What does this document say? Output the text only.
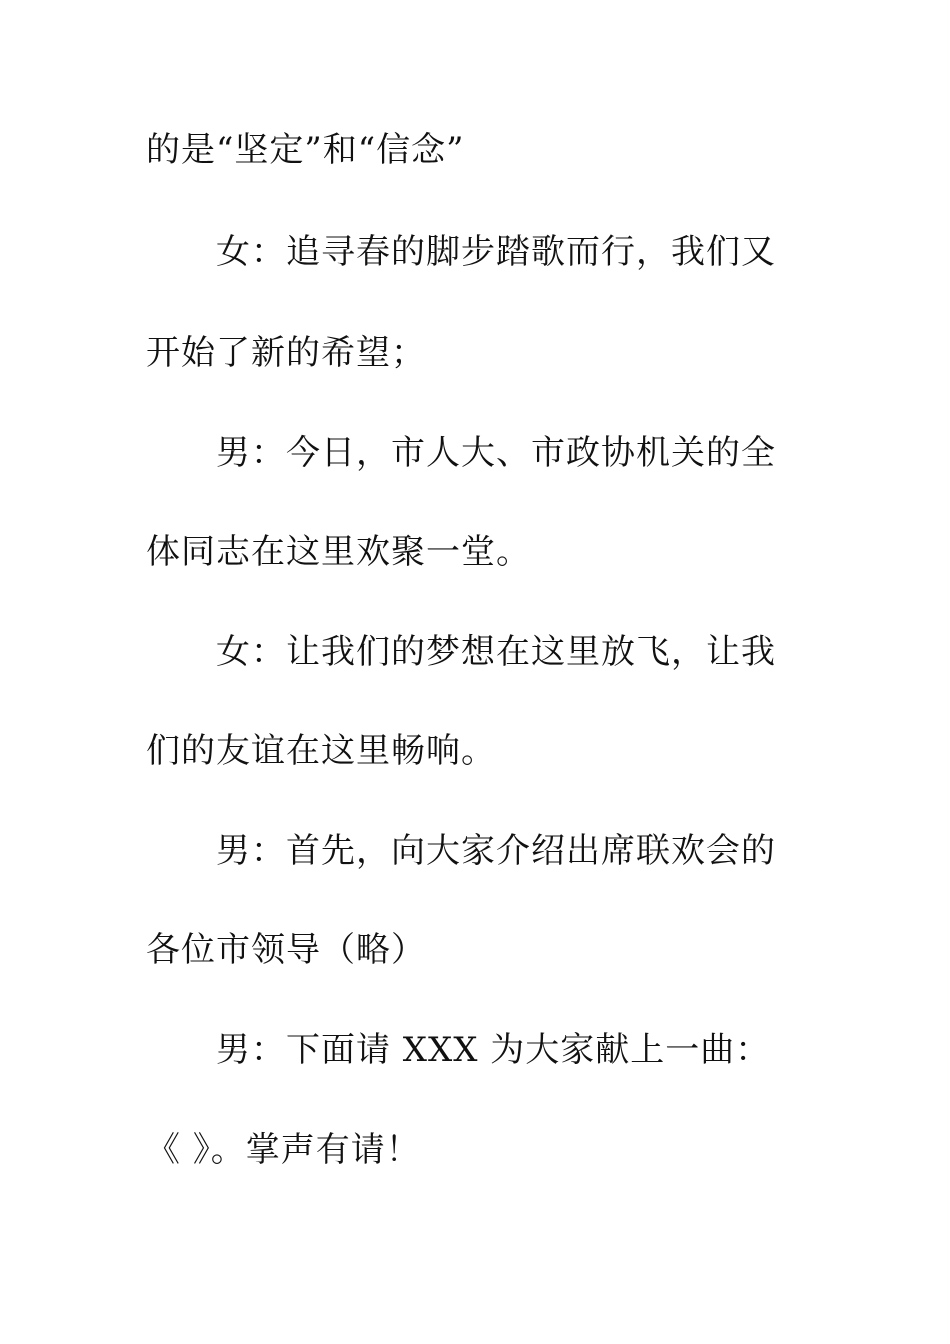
的是“坚定”和“信念”
女：追寻春的脚步踏歌而行，我们又
开始了新的希望；
男：今日，市人大、市政协机关的全
体同志在这里欢聚一堂。
女：让我们的梦想在这里放飞，让我
们的友谊在这里畅响。
男：首先，向大家介绍出席联欢会的
各位市领导（略）
男：下面请 XXX 为大家献上一曲：
《 》。掌声有请！
